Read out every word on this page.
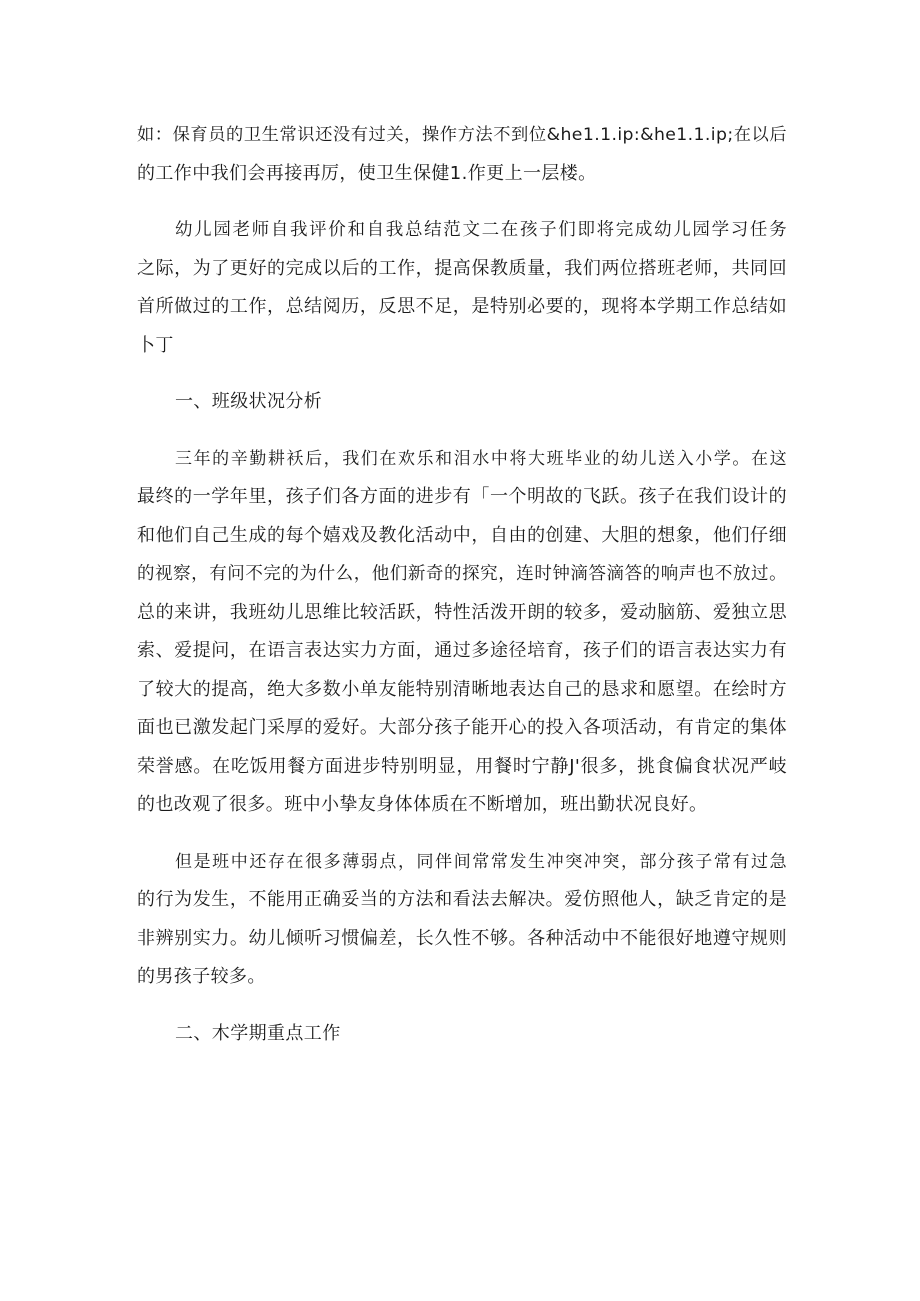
如：保育员的卫生常识还没有过关，操作方法不到位&he1.1.ip:&he1.1.ip;在以后
的工作中我们会再接再厉，使卫生保健1.作更上一层楼。
幼儿园老师自我评价和自我总结范文二在孩子们即将完成幼儿园学习任务
之际，为了更好的完成以后的工作，提高保教质量，我们两位搭班老师，共同回
首所做过的工作，总结阅历，反思不足，是特别必要的，现将本学期工作总结如
卜丁
一、班级状况分析
三年的辛勤耕袄后，我们在欢乐和泪水中将大班毕业的幼儿送入小学。在这
最终的一学年里，孩子们各方面的进步有「一个明故的飞跃。孩子在我们设计的
和他们自己生成的每个嬉戏及教化活动中，自由的创建、大胆的想象，他们仔细
的视察，有问不完的为什么，他们新奇的探究，连时钟滴答滴答的响声也不放过。
总的来讲，我班幼儿思维比较活跃，特性活泼开朗的较多，爱动脑筋、爱独立思
索、爱提问，在语言表达实力方面，通过多途径培育，孩子们的语言表达实力有
了较大的提高，绝大多数小单友能特别清晰地表达自己的恳求和愿望。在绘时方
面也已激发起门采厚的爱好。大部分孩子能开心的投入各项活动，有肯定的集体
荣誉感。在吃饭用餐方面进步特别明显，用餐时宁静J'很多，挑食偏食状况严岐
的也改观了很多。班中小挚友身体体质在不断增加，班出勤状况良好。
但是班中还存在很多薄弱点，同伴间常常发生冲突冲突，部分孩子常有过急
的行为发生，不能用正确妥当的方法和看法去解决。爱仿照他人，缺乏肯定的是
非辨别实力。幼儿倾听习惯偏差，长久性不够。各种活动中不能很好地遵守规则
的男孩子较多。
二、木学期重点工作
